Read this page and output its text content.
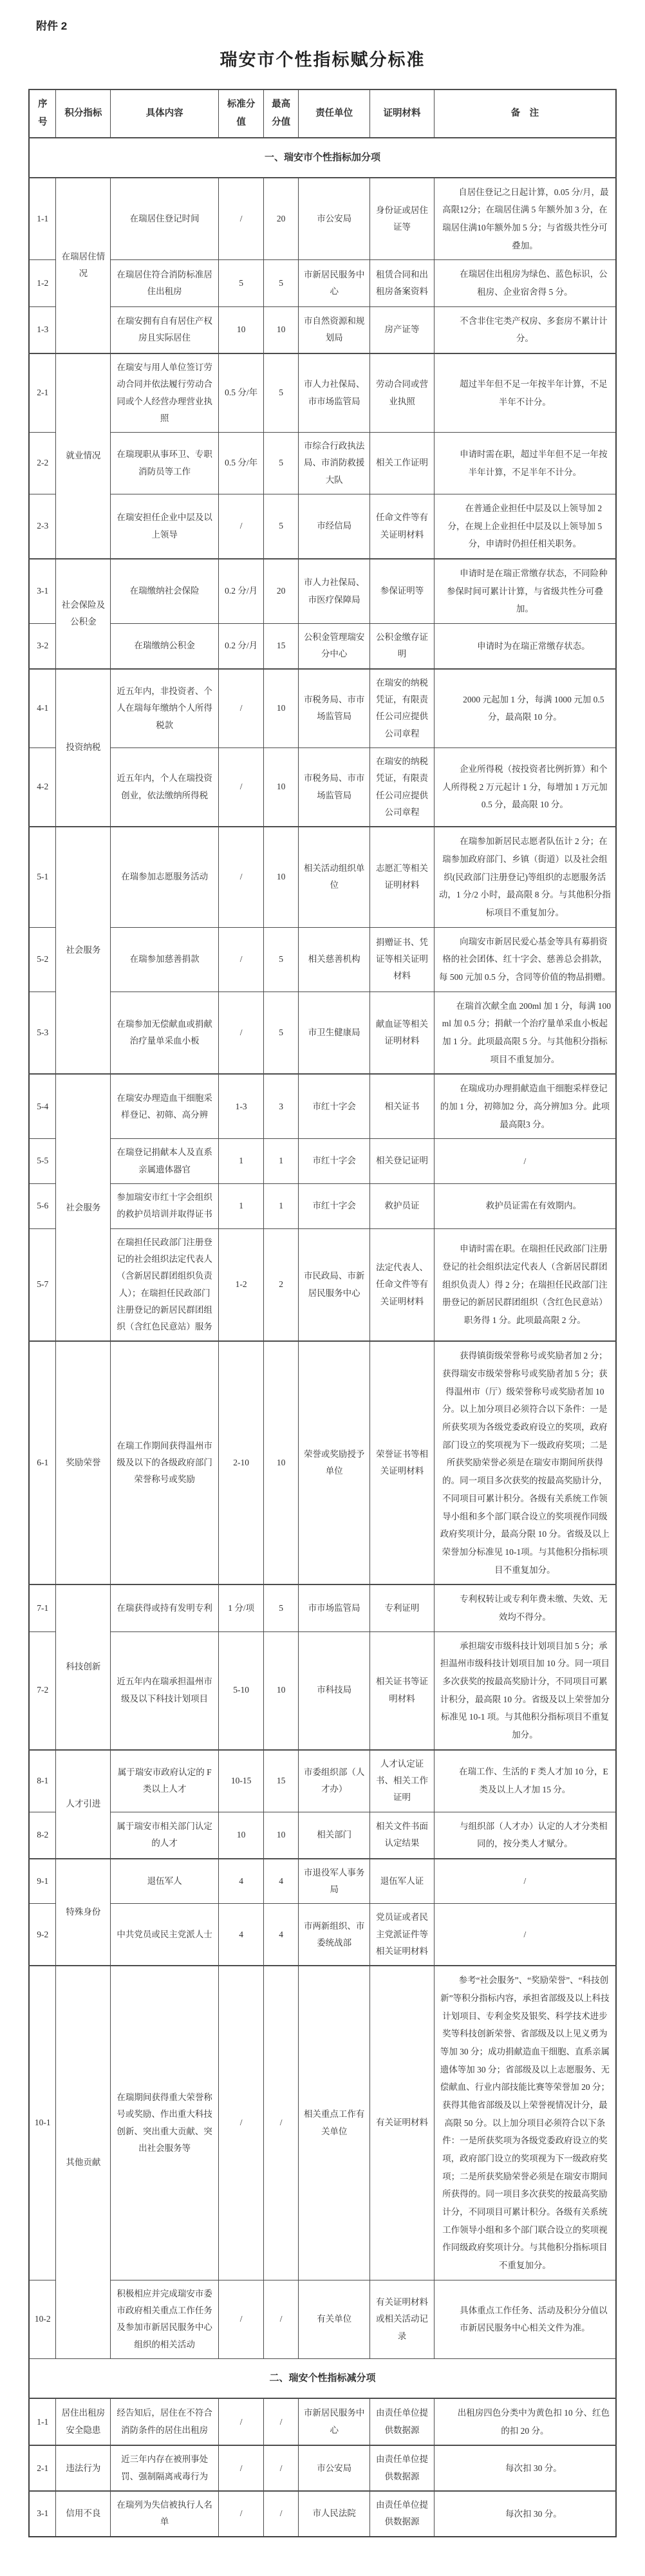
附件 2
瑞安市个性指标赋分标准
序号	积分指标	具体内容	标准分值	最高分值	责任单位	证明材料	备　注
一、瑞安市个性指标加分项							
1-1	在瑞居住情况	在瑞居住登记时间	/	20	市公安局	身份证或居住证等	自居住登记之日起计算，0.05 分/月，最高限12分；在瑞居住满 5 年额外加 3 分，在瑞居住满10年额外加 5 分；与省级共性分可叠加。

1-2		在瑞居住符合消防标准居住出租房	5	5	市新居民服务中心	租赁合同和出租房备案资料	在瑞居住出租房为绿色、蓝色标识，公租房、企业宿舍得 5 分。

1-3		在瑞安拥有自有居住产权房且实际居住	10	10	市自然资源和规划局	房产证等	不含非住宅类产权房、多套房不累计计分。

2-1	就业情况	在瑞安与用人单位签订劳动合同并依法履行劳动合同或个人经营办理营业执照	0.5 分/年	5	市人力社保局、市市场监管局	劳动合同或营业执照	超过半年但不足一年按半年计算，不足半年不计分。

2-2		在瑞现职从事环卫、专职消防员等工作	0.5 分/年	5	市综合行政执法局、市消防救援大队	相关工作证明	申请时需在职，超过半年但不足一年按半年计算，不足半年不计分。

2-3		在瑞安担任企业中层及以上领导	/	5	市经信局	任命文件等有关证明材料	在普通企业担任中层及以上领导加 2 分，在规上企业担任中层及以上领导加 5 分，申请时仍担任相关职务。

3-1	社会保险及公积金	在瑞缴纳社会保险	0.2 分/月	20	市人力社保局、市医疗保障局	参保证明等	申请时是在瑞正常缴存状态，不同险种参保时间可累计计算，与省级共性分可叠加。

3-2		在瑞缴纳公积金	0.2 分/月	15	公积金管理瑞安分中心	公积金缴存证明	申请时为在瑞正常缴存状态。

4-1	投资纳税	近五年内，非投资者、个人在瑞每年缴纳个人所得税款	/	10	市税务局、市市场监管局	在瑞安的纳税凭证，有限责任公司应提供公司章程	2000 元起加 1 分，每满 1000 元加 0.5 分，最高限 10 分。

4-2		近五年内，个人在瑞投资创业，依法缴纳所得税	/	10	市税务局、市市场监管局	在瑞安的纳税凭证，有限责任公司应提供公司章程	企业所得税（按投资者比例折算）和个人所得税 2 万元起计 1 分，每增加 1 万元加 0.5 分，最高限 10 分。

5-1	社会服务	在瑞参加志愿服务活动	/	10	相关活动组织单位	志愿汇等相关证明材料	在瑞参加新居民志愿者队伍计 2 分；在瑞参加政府部门、乡镇（街道）以及社会组织(民政部门注册登记)等组织的志愿服务活动，1 分/2 小时，最高限 8 分。与其他积分指标项目不重复加分。

5-2		在瑞参加慈善捐款	/	5	相关慈善机构	捐赠证书、凭证等相关证明材料	向瑞安市新居民爱心基金等具有募捐资格的社会团体、红十字会、慈善总会捐款，每 500 元加 0.5 分，含同等价值的物品捐赠。

5-3		在瑞参加无偿献血或捐献治疗量单采血小板	/	5	市卫生健康局	献血证等相关证明材料	在瑞首次献全血 200ml 加 1 分，每满 100ml 加 0.5 分；捐献一个治疗量单采血小板起加 1 分。此项最高限 5 分。与其他积分指标项目不重复加分。

5-4	社会服务	在瑞安办理造血干细胞采样登记、初筛、高分辨	1-3	3	市红十字会	相关证书	在瑞成功办理捐献造血干细胞采样登记的加 1 分，初筛加2 分，高分辨加3 分。此项最高限3 分。

5-5		在瑞登记捐献本人及直系亲属遗体器官	1	1	市红十字会	相关登记证明	/

5-6		参加瑞安市红十字会组织的救护员培训并取得证书	1	1	市红十字会	救护员证	救护员证需在有效期内。

5-7		在瑞担任民政部门注册登记的社会组织法定代表人（含新居民群团组织负责人）；在瑞担任民政部门注册登记的新居民群团组织（含红色民意站）服务	1-2	2	市民政局、市新居民服务中心	法定代表人、任命文件等有关证明材料	申请时需在职。在瑞担任民政部门注册登记的社会组织法定代表人（含新居民群团组织负责人）得 2 分；在瑞担任民政部门注册登记的新居民群团组织（含红色民意站）职务得 1 分。此项最高限 2 分。

6-1	奖励荣誉	在瑞工作期间获得温州市级及以下的各级政府部门荣誉称号或奖励	2-10	10	荣誉或奖励授予单位	荣誉证书等相关证明材料	获得镇街级荣誉称号或奖励者加 2 分；获得瑞安市级荣誉称号或奖励者加 5 分；获得温州市（厅）级荣誉称号或奖励者加 10 分。以上加分项目必须符合以下条件：一是所获奖项为各级党委政府设立的奖项，政府部门设立的奖项视为下一级政府奖项；二是所获奖励荣誉必须是在瑞安市期间所获得的。同一项目多次获奖的按最高奖励计分，不同项目可累计积分。各级有关系统工作领导小组和多个部门联合设立的奖项视作同级政府奖项计分，最高分限 10 分。省级及以上荣誉加分标准见 10-1项。与其他积分指标项目不重复加分。

7-1	科技创新	在瑞获得或持有发明专利	1 分/项	5	市市场监管局	专利证明	专利权转让或专利年费未缴、失效、无效均不得分。

7-2		近五年内在瑞承担温州市级及以下科技计划项目	5-10	10	市科技局	相关证书等证明材料	承担瑞安市级科技计划项目加 5 分；承担温州市级科技计划项目加 10 分。同一项目多次获奖的按最高奖励计分，不同项目可累计积分，最高限 10 分。省级及以上荣誉加分标准见 10-1 项。与其他积分指标项目不重复加分。

8-1	人才引进	属于瑞安市政府认定的 F 类以上人才	10-15	15	市委组织部（人才办）	人才认定证书、相关工作证明	在瑞工作、生活的 F 类人才加 10 分，E 类及以上人才加 15 分。

8-2		属于瑞安市相关部门认定的人才	10	10	相关部门	相关文件书面认定结果	与组织部（人才办）认定的人才分类相同的，按分类人才赋分。

9-1	特殊身份	退伍军人	4	4	市退役军人事务局	退伍军人证	/

9-2		中共党员或民主党派人士	4	4	市两新组织、市委统战部	党员证或者民主党派证件等相关证明材料	/

10-1	其他贡献	在瑞期间获得重大荣誉称号或奖励、作出重大科技创新、突出重大贡献、突出社会服务等	/	/	相关重点工作有关单位	有关证明材料	参考“社会服务”、“奖励荣誉”、“科技创新”等积分指标内容，承担省部级及以上科技计划项目、专利金奖及银奖、科学技术进步奖等科技创新荣誉、省部级及以上见义勇为等加 30 分；成功捐献造血干细胞、直系亲属遗体等加 30 分；省部级及以上志愿服务、无偿献血、行业内部技能比赛等荣誉加 20 分；获得其他省部级及以上荣誉视情况计分，最高限 50 分。以上加分项目必须符合以下条件：一是所获奖项为各级党委政府设立的奖项，政府部门设立的奖项视为下一级政府奖项；二是所获奖励荣誉必须是在瑞安市期间所获得的。同一项目多次获奖的按最高奖励计分，不同项目可累计积分。各级有关系统工作领导小组和多个部门联合设立的奖项视作同级政府奖项计分。与其他积分指标项目不重复加分。

10-2		积极相应并完成瑞安市委市政府相关重点工作任务及参加市新居民服务中心组织的相关活动	/	/	有关单位	有关证明材料或相关活动记录	具体重点工作任务、活动及积分分值以市新居民服务中心相关文件为准。

二、瑞安个性指标减分项							
1-1	居住出租房安全隐患	经告知后，居住在不符合消防条件的居住出租房	/	/	市新居民服务中心	由责任单位提供数据源	出租房四色分类中为黄色扣 10 分、红色的扣 20 分。

2-1	违法行为	近三年内存在被刑事处罚、强制隔离戒毒行为	/	/	市公安局	由责任单位提供数据源	每次扣 30 分。

3-1	信用不良	在瑞列为失信被执行人名单	/	/	市人民法院	由责任单位提供数据源	每次扣 30 分。
